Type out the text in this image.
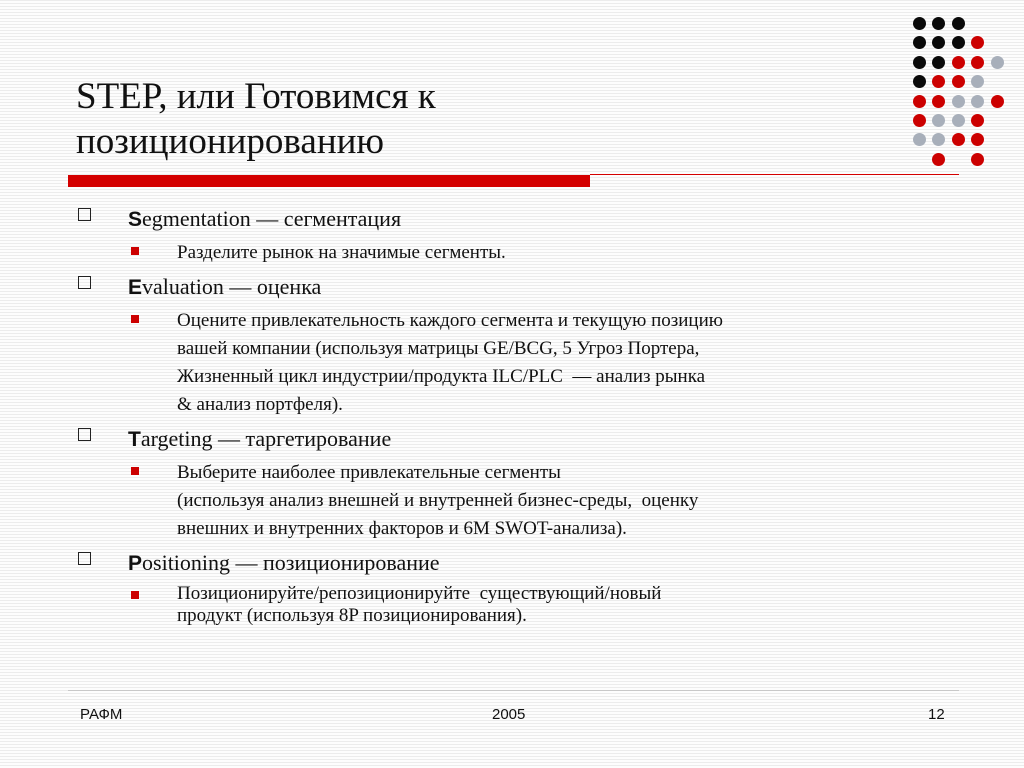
STEP, или Готовимся к
позиционированию
Segmentation — сегментация
Разделите рынок на значимые сегменты.
Evaluation — оценка
Оцените привлекательность каждого сегмента и текущую позицию
вашей компании (используя матрицы GE/BCG, 5 Угроз Портера,
Жизненный цикл индустрии/продукта ILC/PLC  — анализ рынка
& анализ портфеля).
Targeting — таргетирование
Выберите наиболее привлекательные сегменты
(используя анализ внешней и внутренней бизнес-среды,  оценку
внешних и внутренних факторов и 6M SWOT-анализа).
Positioning — позиционирование
Позиционируйте/репозиционируйте  существующий/новый
продукт (используя 8P позиционирования).
РАФМ	2005	12
